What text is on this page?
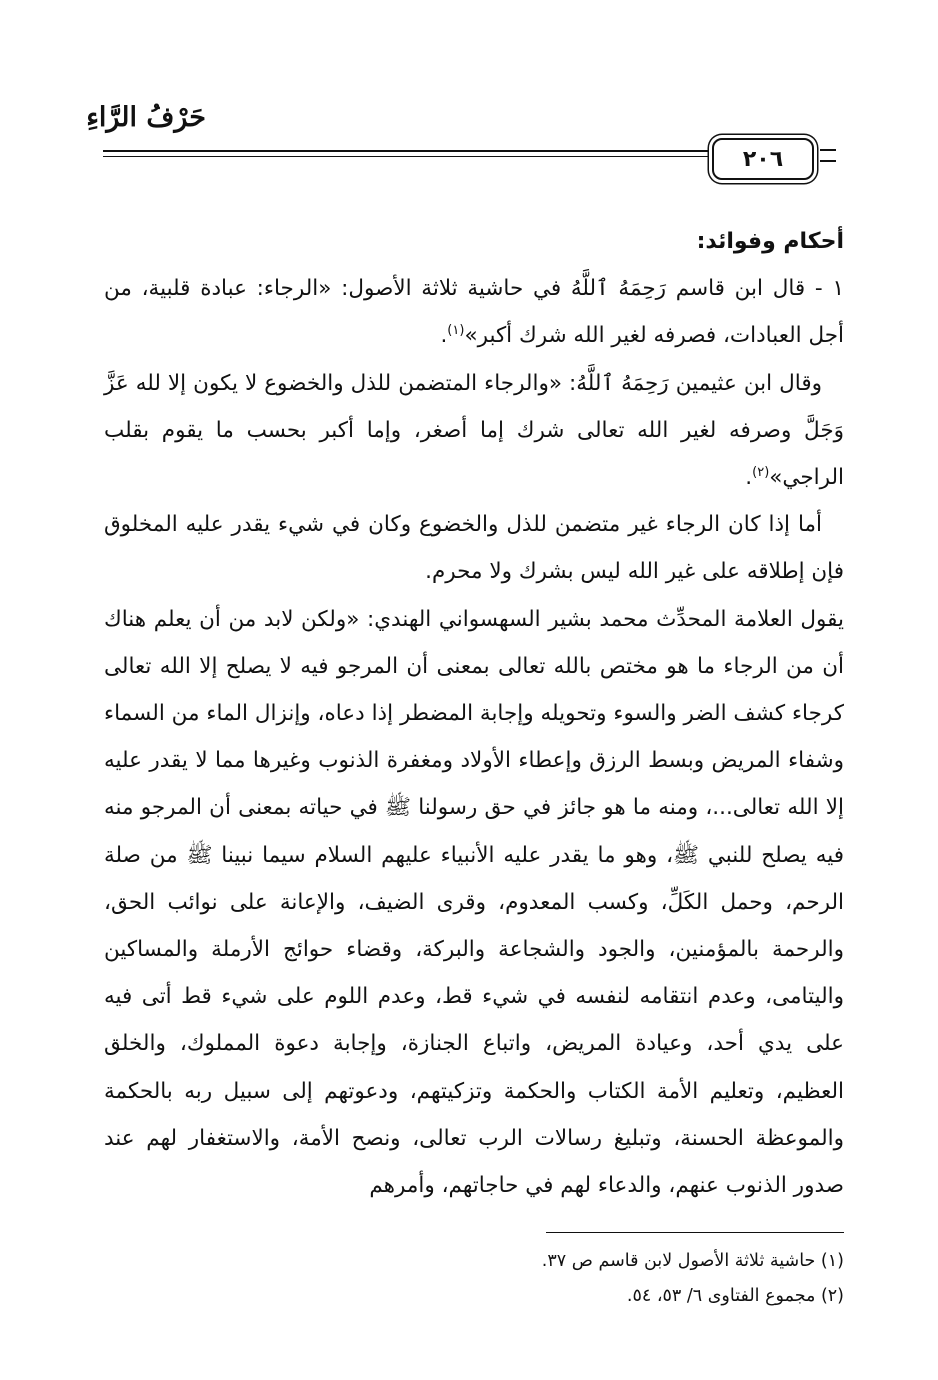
حَرْفُ الرَّاءِ
٢٠٦

أحكام وفوائد:

١ - قال ابن قاسم رَحِمَهُ ٱللَّهُ في حاشية ثلاثة الأصول: «الرجاء: عبادة قلبية، من أجل العبادات، فصرفه لغير الله شرك أكبر»$^{(١)}$.

وقال ابن عثيمين رَحِمَهُ ٱللَّهُ: «والرجاء المتضمن للذل والخضوع لا يكون إلا لله عَزَّ وَجَلَّ وصرفه لغير الله تعالى شرك إما أصغر، وإما أكبر بحسب ما يقوم بقلب الراجي»$^{(٢)}$.

أما إذا كان الرجاء غير متضمن للذل والخضوع وكان في شيء يقدر عليه المخلوق فإن إطلاقه على غير الله ليس بشرك ولا محرم.

يقول العلامة المحدِّث محمد بشير السهسواني الهندي: «ولكن لابد من أن يعلم هناك أن من الرجاء ما هو مختص بالله تعالى بمعنى أن المرجو فيه لا يصلح إلا الله تعالى كرجاء كشف الضر والسوء وتحويله وإجابة المضطر إذا دعاه، وإنزال الماء من السماء وشفاء المريض وبسط الرزق وإعطاء الأولاد ومغفرة الذنوب وغيرها مما لا يقدر عليه إلا الله تعالى...، ومنه ما هو جائز في حق رسولنا ﷺ في حياته بمعنى أن المرجو منه فيه يصلح للنبي ﷺ، وهو ما يقدر عليه الأنبياء عليهم السلام سيما نبينا ﷺ من صلة الرحم، وحمل الكَلِّ، وكسب المعدوم، وقرى الضيف، والإعانة على نوائب الحق، والرحمة بالمؤمنين، والجود والشجاعة والبركة، وقضاء حوائج الأرملة والمساكين واليتامى، وعدم انتقامه لنفسه في شيء قط، وعدم اللوم على شيء قط أتى فيه على يدي أحد، وعيادة المريض، واتباع الجنازة، وإجابة دعوة المملوك، والخلق العظيم، وتعليم الأمة الكتاب والحكمة وتزكيتهم، ودعوتهم إلى سبيل ربه بالحكمة والموعظة الحسنة، وتبليغ رسالات الرب تعالى، ونصح الأمة، والاستغفار لهم عند صدور الذنوب عنهم، والدعاء لهم في حاجاتهم، وأمرهم

(١) حاشية ثلاثة الأصول لابن قاسم ص ٣٧.
(٢) مجموع الفتاوى ٦/ ٥٣، ٥٤.
